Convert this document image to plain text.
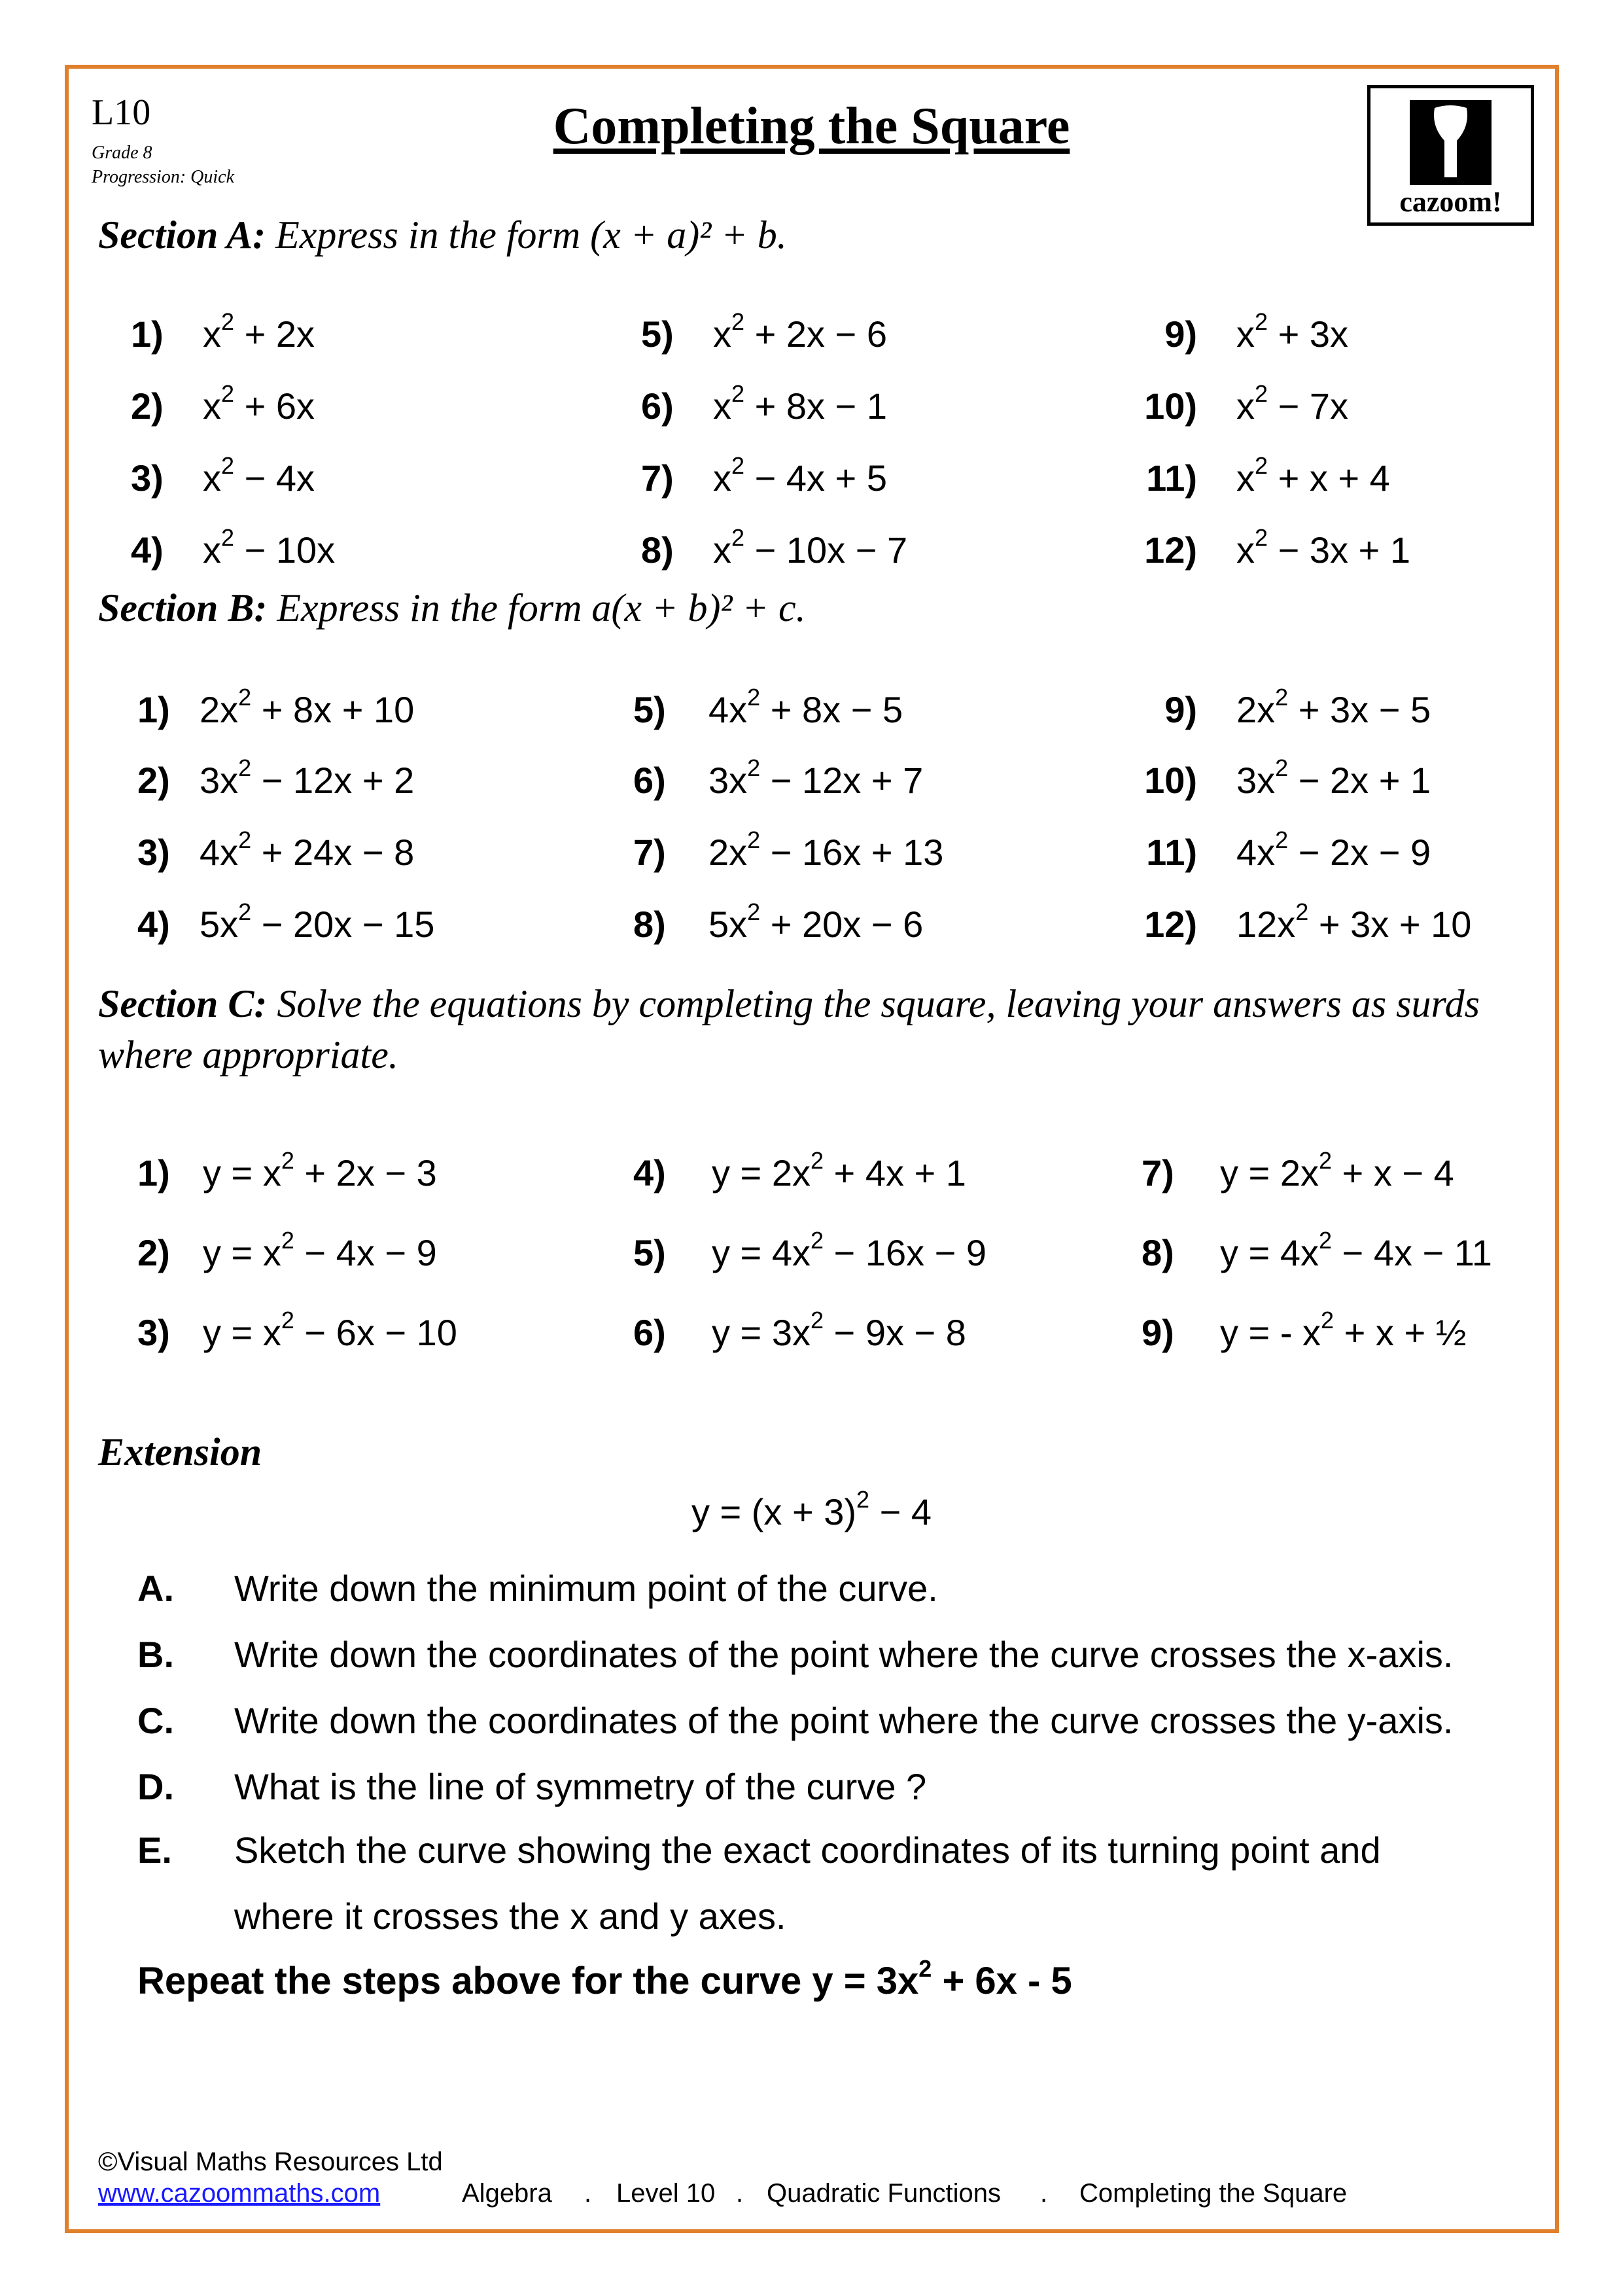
L10
Grade 8
Progression: Quick
Completing the Square
cazoom!
Section A: Express in the form (x + a)² + b.
1) $x^2 + 2x$
2) $x^2 + 6x$
3) $x^2 - 4x$
4) $x^2 - 10x$
5) $x^2 + 2x - 6$
6) $x^2 + 8x - 1$
7) $x^2 - 4x + 5$
8) $x^2 - 10x - 7$
9) $x^2 + 3x$
10) $x^2 - 7x$
11) $x^2 + x + 4$
12) $x^2 - 3x + 1$
Section B: Express in the form a(x + b)² + c.
1) $2x^2 + 8x + 10$
2) $3x^2 - 12x + 2$
3) $4x^2 + 24x - 8$
4) $5x^2 - 20x - 15$
5) $4x^2 + 8x - 5$
6) $3x^2 - 12x + 7$
7) $2x^2 - 16x + 13$
8) $5x^2 + 20x - 6$
9) $2x^2 + 3x - 5$
10) $3x^2 - 2x + 1$
11) $4x^2 - 2x - 9$
12) $12x^2 + 3x + 10$
Section C: Solve the equations by completing the square, leaving your answers as surds where appropriate.
1) $y = x^2 + 2x - 3$
2) $y = x^2 - 4x - 9$
3) $y = x^2 - 6x - 10$
4) $y = 2x^2 + 4x + 1$
5) $y = 4x^2 - 16x - 9$
6) $y = 3x^2 - 9x - 8$
7) $y = 2x^2 + x - 4$
8) $y = 4x^2 - 4x - 11$
9) y = - $x^2 + x$ + ½
Extension
$y = (x + 3)^2 - 4$
A. Write down the minimum point of the curve.
B. Write down the coordinates of the point where the curve crosses the x-axis.
C. Write down the coordinates of the point where the curve crosses the y-axis.
D. What is the line of symmetry of the curve ?
E. Sketch the curve showing the exact coordinates of its turning point and
where it crosses the x and y axes.
Repeat the steps above for the curve $y = 3x^2 + 6x - 5$
©Visual Maths Resources Ltd
www.cazoommaths.com	Algebra . Level 10 . Quadratic Functions . Completing the Square
